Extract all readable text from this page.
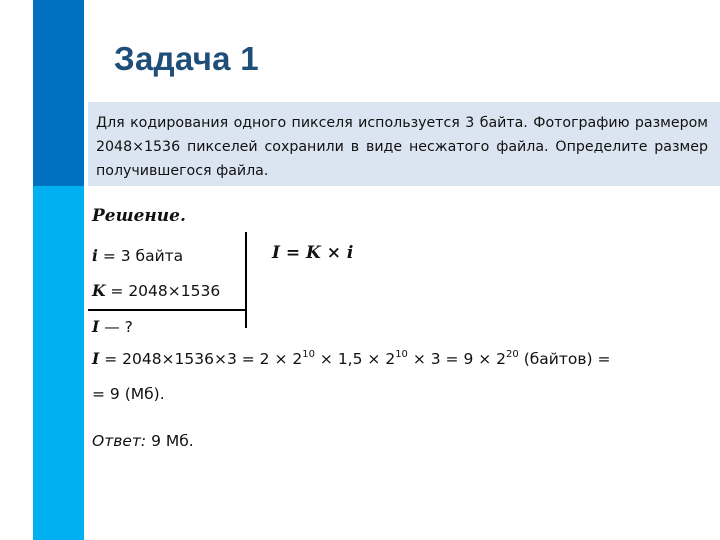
Задача 1
Для кодирования одного пикселя используется 3 байта. Фотографию размером 2048×1536 пикселей сохранили в виде несжатого файла. Определите размер получившегося файла.
Решение.
i = 3 байта
K = 2048×1536
I — ?
I = K × i
$I = 2048\times 1536\times 3 = 2 \times 2^{10} \times 1,5 \times 2^{10} \times 3 = 9 \times 2^{20}$ (байтов) =
= 9 (Мб).
Ответ: 9 Мб.
